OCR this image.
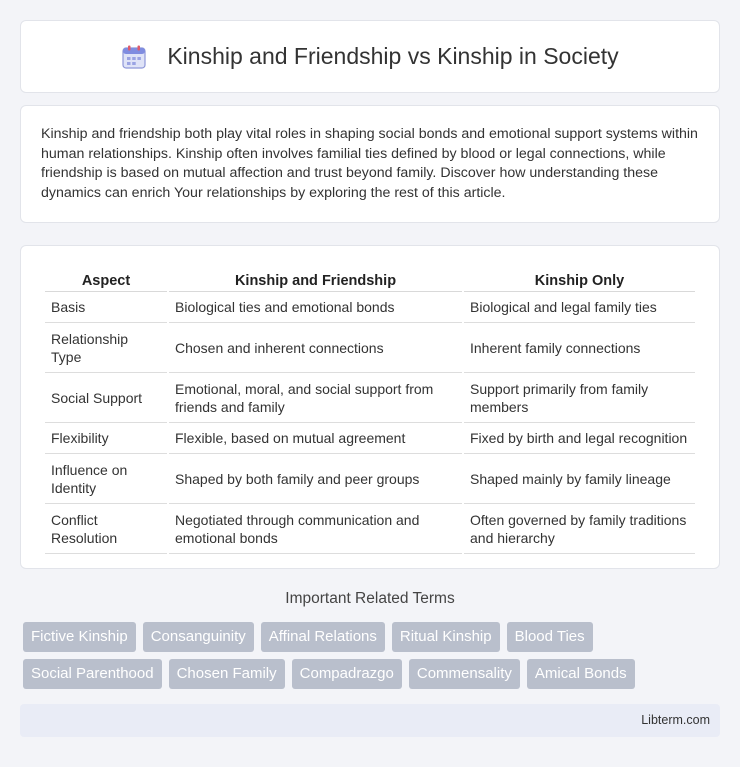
Kinship and Friendship vs Kinship in Society

Kinship and friendship both play vital roles in shaping social bonds and emotional support systems within human relationships. Kinship often involves familial ties defined by blood or legal connections, while friendship is based on mutual affection and trust beyond family. Discover how understanding these dynamics can enrich Your relationships by exploring the rest of this article.

Aspect	Kinship and Friendship	Kinship Only
Basis	Biological ties and emotional bonds	Biological and legal family ties
Relationship Type	Chosen and inherent connections	Inherent family connections
Social Support	Emotional, moral, and social support from friends and family	Support primarily from family members
Flexibility	Flexible, based on mutual agreement	Fixed by birth and legal recognition
Influence on Identity	Shaped by both family and peer groups	Shaped mainly by family lineage
Conflict Resolution	Negotiated through communication and emotional bonds	Often governed by family traditions and hierarchy
Important Related Terms
Fictive Kinship	Consanguinity	Affinal Relations	Ritual Kinship	Blood Ties
Social Parenthood	Chosen Family	Compadrazgo	Commensality	Amical Bonds
Libterm.com
